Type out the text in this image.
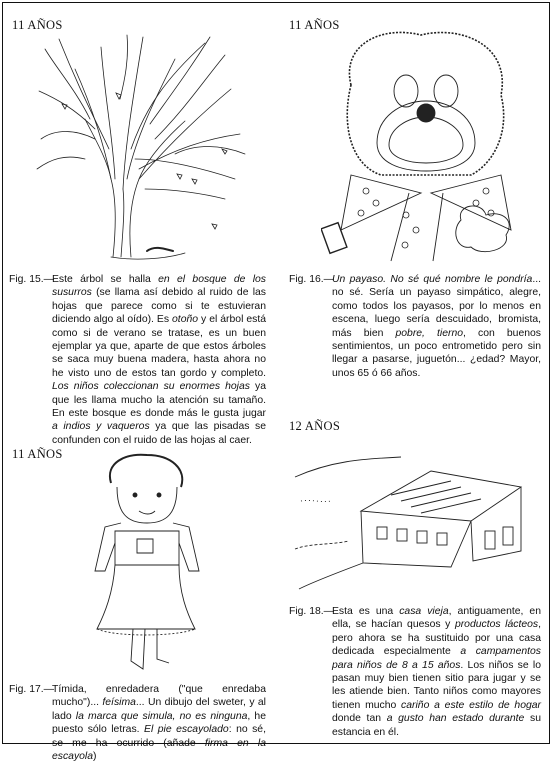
11 AÑOS
Fig. 15.—
Este árbol se halla en el bosque de los susurros (se llama así debido al ruido de las hojas que parece como si te estuvieran diciendo algo al oído). Es otoño y el árbol está como si de verano se tratase, es un buen ejemplar ya que, aparte de que estos árboles se saca muy buena madera, hasta ahora no he visto uno de estos tan gordo y completo. Los niños coleccionan su enormes hojas ya que les llama mucho la atención su tamaño. En este bosque es donde más le gusta jugar a indios y vaqueros ya que las pisadas se confunden con el ruido de las hojas al caer.
11 AÑOS
Fig. 16.—
Un payaso. No sé qué nombre le pondría... no sé. Sería un payaso simpático, alegre, como todos los payasos, por lo menos en escena, luego sería descuidado, bromista, más bien pobre, tierno, con buenos sentimientos, un poco entrometido pero sin llegar a pasarse, juguetón... ¿edad? Mayor, unos 65 ó 66 años.
11 AÑOS
Fig. 17.—
Tímida, enredadera ("que enredaba mucho")... feísima... Un dibujo del sweter, y al lado la marca que simula, no es ninguna, he puesto sólo letras. El pie escayolado: no sé, se me ha ocurrido (añade firma en la escayola)
12 AÑOS
Fig. 18.—
Esta es una casa vieja, antiguamente, en ella, se hacían quesos y productos lácteos, pero ahora se ha sustituido por una casa dedicada especialmente a campamentos para niños de 8 a 15 años. Los niños se lo pasan muy bien tienen sitio para jugar y se les atiende bien. Tanto niños como mayores tienen mucho cariño a este estilo de hogar donde tan a gusto han estado durante su estancia en él.
